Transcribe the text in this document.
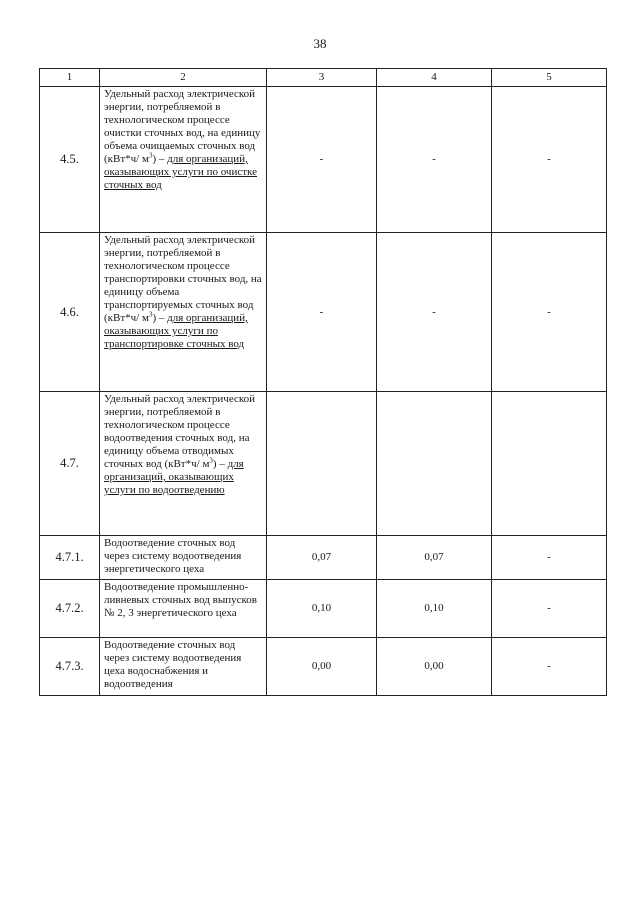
38
1	2	3	4	5
4.5.	Удельный расход электрической энергии, потребляемой в технологическом процессе очистки сточных вод, на единицу объема очищаемых сточных вод (кВт*ч/ $м^3$) – для организаций, оказывающих услуги по очистке сточных вод	-	-	-
4.6.	Удельный расход электрической энергии, потребляемой в технологическом процессе транспортировки сточных вод, на единицу объема транспортируемых сточных вод (кВт*ч/ $м^3$) – для организаций, оказывающих услуги по транспортировке сточных вод	-	-	-
4.7.	Удельный расход электрической энергии, потребляемой в технологическом процессе водоотведения сточных вод, на единицу объема отводимых сточных вод (кВт*ч/ $м^3$) – для организаций, оказывающих услуги по водоотведению			
4.7.1.	Водоотведение сточных вод через систему водоотведения энергетического цеха	0,07	0,07	-
4.7.2.	Водоотведение промышленно-ливневых сточных вод выпусков № 2, 3 энергетического цеха	0,10	0,10	-
4.7.3.	Водоотведение сточных вод через систему водоотведения цеха водоснабжения и водоотведения	0,00	0,00	-
